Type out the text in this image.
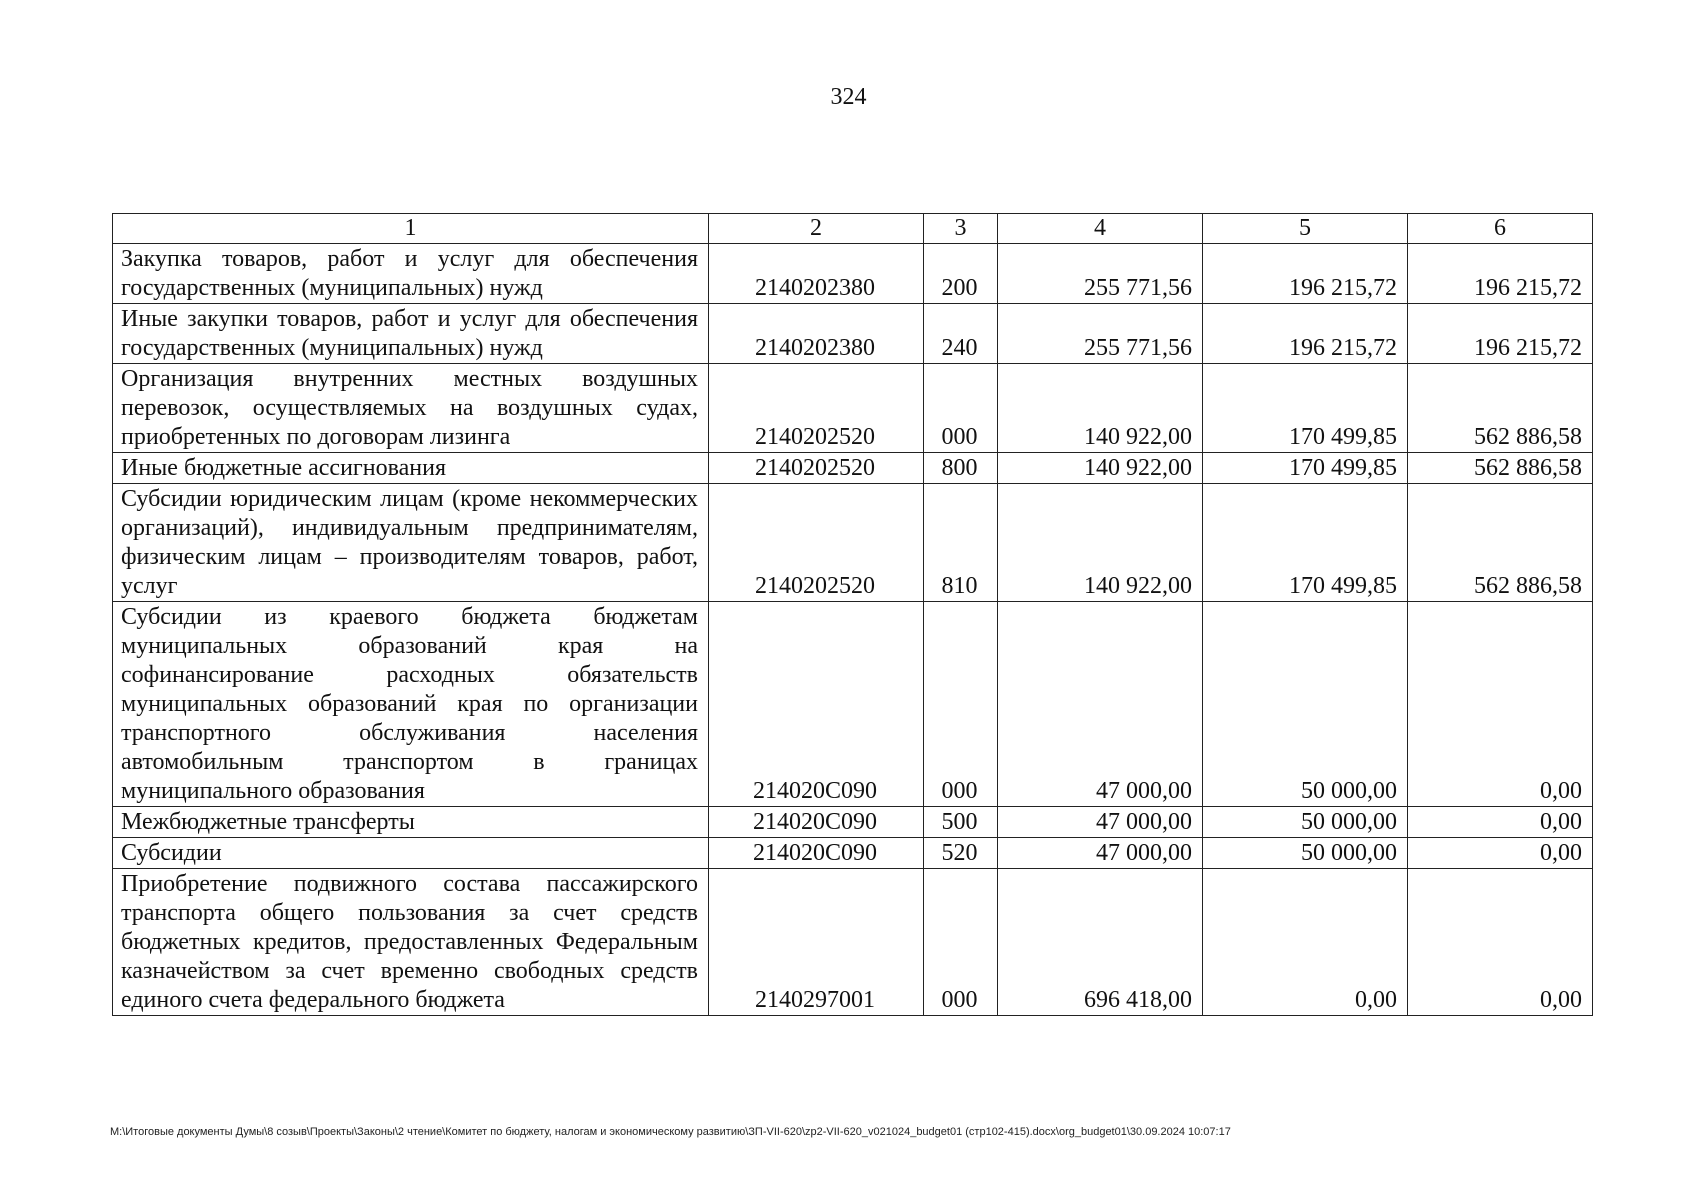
324
1	2	3	4	5	6
Закупка товаров, работ и услуг для обеспечения государственных (муниципальных) нужд	2140202380	200	255 771,56	196 215,72	196 215,72
Иные закупки товаров, работ и услуг для обеспечения государственных (муниципальных) нужд	2140202380	240	255 771,56	196 215,72	196 215,72
Организация внутренних местных воздушных перевозок, осуществляемых на воздушных судах, приобретенных по договорам лизинга	2140202520	000	140 922,00	170 499,85	562 886,58
Иные бюджетные ассигнования	2140202520	800	140 922,00	170 499,85	562 886,58
Субсидии юридическим лицам (кроме некоммерческих организаций), индивидуальным предпринимателям, физическим лицам – производителям товаров, работ, услуг	2140202520	810	140 922,00	170 499,85	562 886,58
Субсидии из краевого бюджета бюджетам муниципальных образований края на софинансирование расходных обязательств муниципальных образований края по организации транспортного обслуживания населения автомобильным транспортом в границах муниципального образования	214020С090	000	47 000,00	50 000,00	0,00
Межбюджетные трансферты	214020С090	500	47 000,00	50 000,00	0,00
Субсидии	214020С090	520	47 000,00	50 000,00	0,00
Приобретение подвижного состава пассажирского транспорта общего пользования за счет средств бюджетных кредитов, предоставленных Федеральным казначейством за счет временно свободных средств единого счета федерального бюджета	2140297001	000	696 418,00	0,00	0,00
M:\Итоговые документы Думы\8 созыв\Проекты\Законы\2 чтение\Комитет по бюджету, налогам и экономическому развитию\ЗП-VII-620\zp2-VII-620_v021024_budget01 (стр102-415).docx\org_budget01\30.09.2024 10:07:17
